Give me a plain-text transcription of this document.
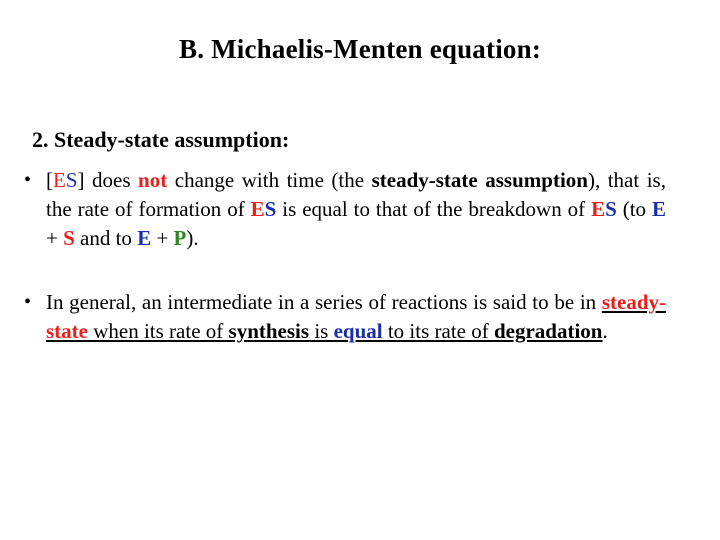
B. Michaelis-Menten equation:
2. Steady-state assumption:
• [ES] does not change with time (the steady-state assumption), that is, the rate of formation of ES is equal to that of the breakdown of ES (to E + S and to E + P).
• In general, an intermediate in a series of reactions is said to be in steady-state when its rate of synthesis is equal to its rate of degradation.
